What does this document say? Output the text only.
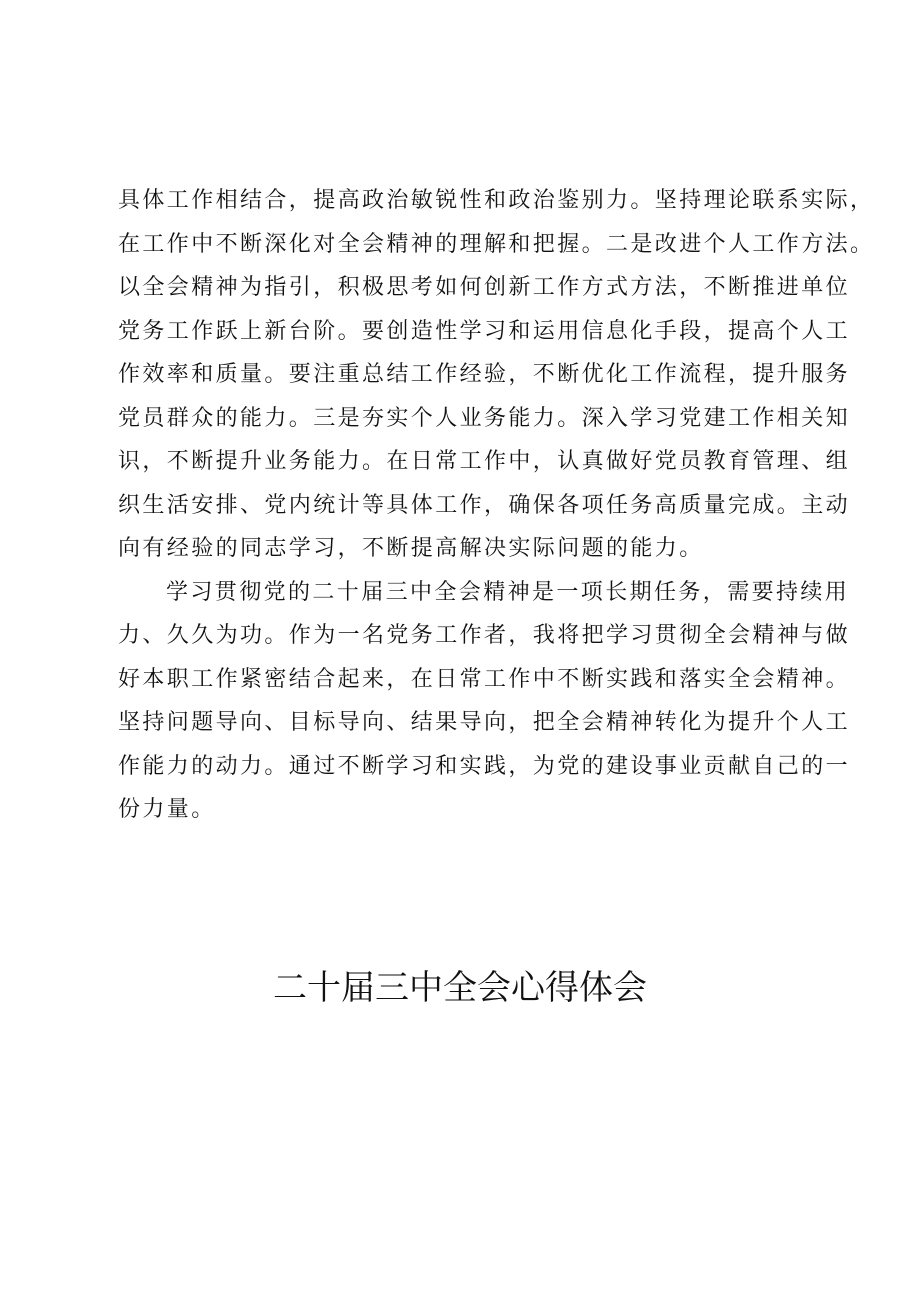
具体工作相结合，提高政治敏锐性和政治鉴别力。坚持理论联系实际，

在工作中不断深化对全会精神的理解和把握。二是改进个人工作方法。

以全会精神为指引，积极思考如何创新工作方式方法，不断推进单位

党务工作跃上新台阶。要创造性学习和运用信息化手段，提高个人工

作效率和质量。要注重总结工作经验，不断优化工作流程，提升服务

党员群众的能力。三是夯实个人业务能力。深入学习党建工作相关知

识，不断提升业务能力。在日常工作中，认真做好党员教育管理、组

织生活安排、党内统计等具体工作，确保各项任务高质量完成。主动

向有经验的同志学习，不断提高解决实际问题的能力。

学习贯彻党的二十届三中全会精神是一项长期任务，需要持续用

力、久久为功。作为一名党务工作者，我将把学习贯彻全会精神与做

好本职工作紧密结合起来，在日常工作中不断实践和落实全会精神。

坚持问题导向、目标导向、结果导向，把全会精神转化为提升个人工

作能力的动力。通过不断学习和实践，为党的建设事业贡献自己的一

份力量。

二十届三中全会心得体会
